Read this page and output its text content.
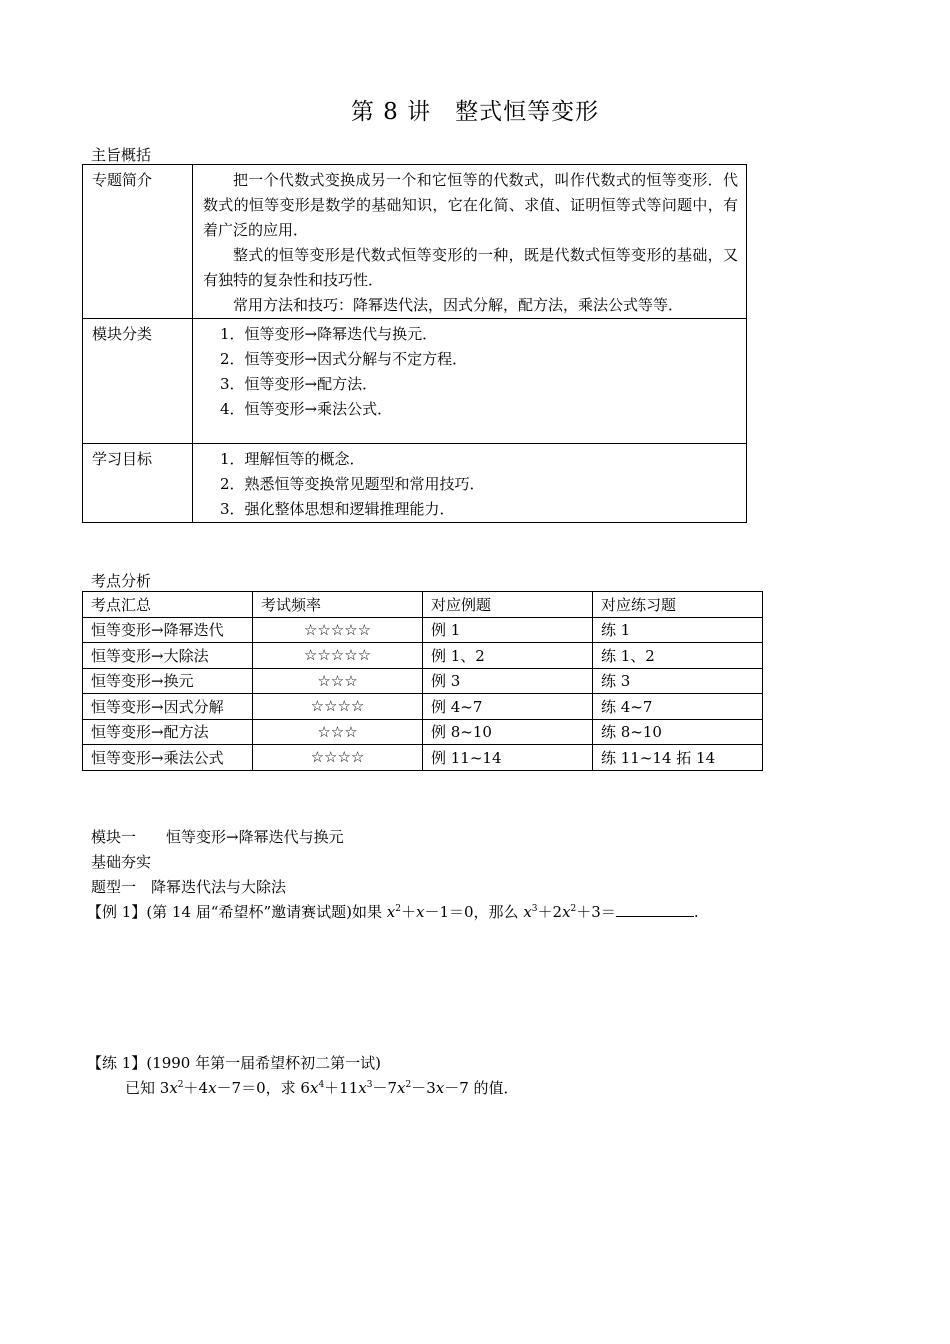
第 8 讲　整式恒等变形
主旨概括
专题简介	把一个代数式变换成另一个和它恒等的代数式，叫作代数式的恒等变形．代数式的恒等变形是数学的基础知识，它在化简、求值、证明恒等式等问题中，有着广泛的应用．

整式的恒等变形是代数式恒等变形的一种，既是代数式恒等变形的基础，又有独特的复杂性和技巧性．

常用方法和技巧：降幂迭代法，因式分解，配方法，乘法公式等等．

模块分类	1．恒等变形→降幂迭代与换元．
2．恒等变形→因式分解与不定方程．
3．恒等变形→配方法．
4．恒等变形→乘法公式．

学习目标	1．理解恒等的概念．
2．熟悉恒等变换常见题型和常用技巧．
3．强化整体思想和逻辑推理能力．
考点分析
考点汇总	考试频率	对应例题	对应练习题
恒等变形→降幂迭代	☆☆☆☆☆	例 1	练 1
恒等变形→大除法	☆☆☆☆☆	例 1、2	练 1、2
恒等变形→换元	☆☆☆	例 3	练 3
恒等变形→因式分解	☆☆☆☆	例 4~7	练 4~7
恒等变形→配方法	☆☆☆	例 8~10	练 8~10
恒等变形→乘法公式	☆☆☆☆	例 11~14	练 11~14 拓 14
模块一　　恒等变形→降幂迭代与换元
基础夯实
题型一　降幂迭代法与大除法
【例 1】(第 14 届“希望杯”邀请赛试题)如果 $x^2+x-1=0$，那么 $x^3+2x^2+3=$	.
【练 1】(1990 年第一届希望杯初二第一试)
已知 $3x^2+4x-7=0$，求 $6x^4+11x^3-7x^2-3x-7$ 的值．
